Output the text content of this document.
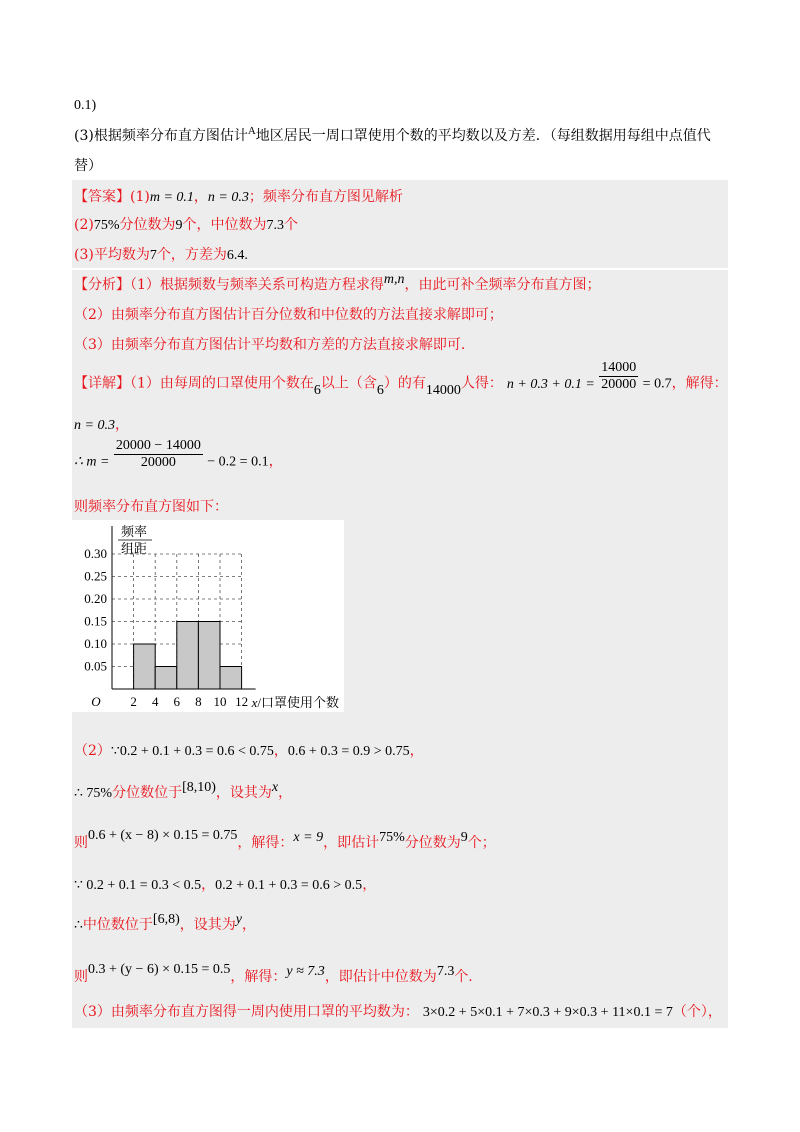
0.1)
(3)根据频率分布直方图估计$^A$地区居民一周口罩使用个数的平均数以及方差．（每组数据用每组中点值代
替）
【答案】(1)m = 0.1，n = 0.3；频率分布直方图见解析
(2)75%分位数为9个，中位数为7.3个
(3)平均数为7个，方差为6.4.
【分析】（1）根据频数与频率关系可构造方程求得m,n，由此可补全频率分布直方图；
（2）由频率分布直方图估计百分位数和中位数的方法直接求解即可；
（3）由频率分布直方图估计平均数和方差的方法直接求解即可.
【详解】（1）由每周的口罩使用个数在6以上（含6）的有14000人得： $n + 0.3 + 0.1 = \frac{14000}{20000} = 0.7$，解得：
n = 0.3，
∴ $m = \frac{20000 - 14000}{20000} - 0.2 = 0.1$，
则频率分布直方图如下：
0.30
0.25
0.20
0.15
0.10
0.05
2 4 6 8 10 12
O
频率
组距
x/口罩使用个数
（2）∵0.2 + 0.1 + 0.3 = 0.6 < 0.75，0.6 + 0.3 = 0.9 > 0.75，
∴ 75%分位数位于[8,10)，设其为x，
则0.6 + (x − 8) × 0.15 = 0.75，解得：x = 9，即估计75%分位数为9个；
∵ 0.2 + 0.1 = 0.3 < 0.5，0.2 + 0.1 + 0.3 = 0.6 > 0.5，
∴中位数位于[6,8)，设其为y，
则0.3 + (y − 6) × 0.15 = 0.5，解得：y ≈ 7.3，即估计中位数为7.3个.
（3）由频率分布直方图得一周内使用口罩的平均数为： 3×0.2 + 5×0.1 + 7×0.3 + 9×0.3 + 11×0.1 = 7（个），
